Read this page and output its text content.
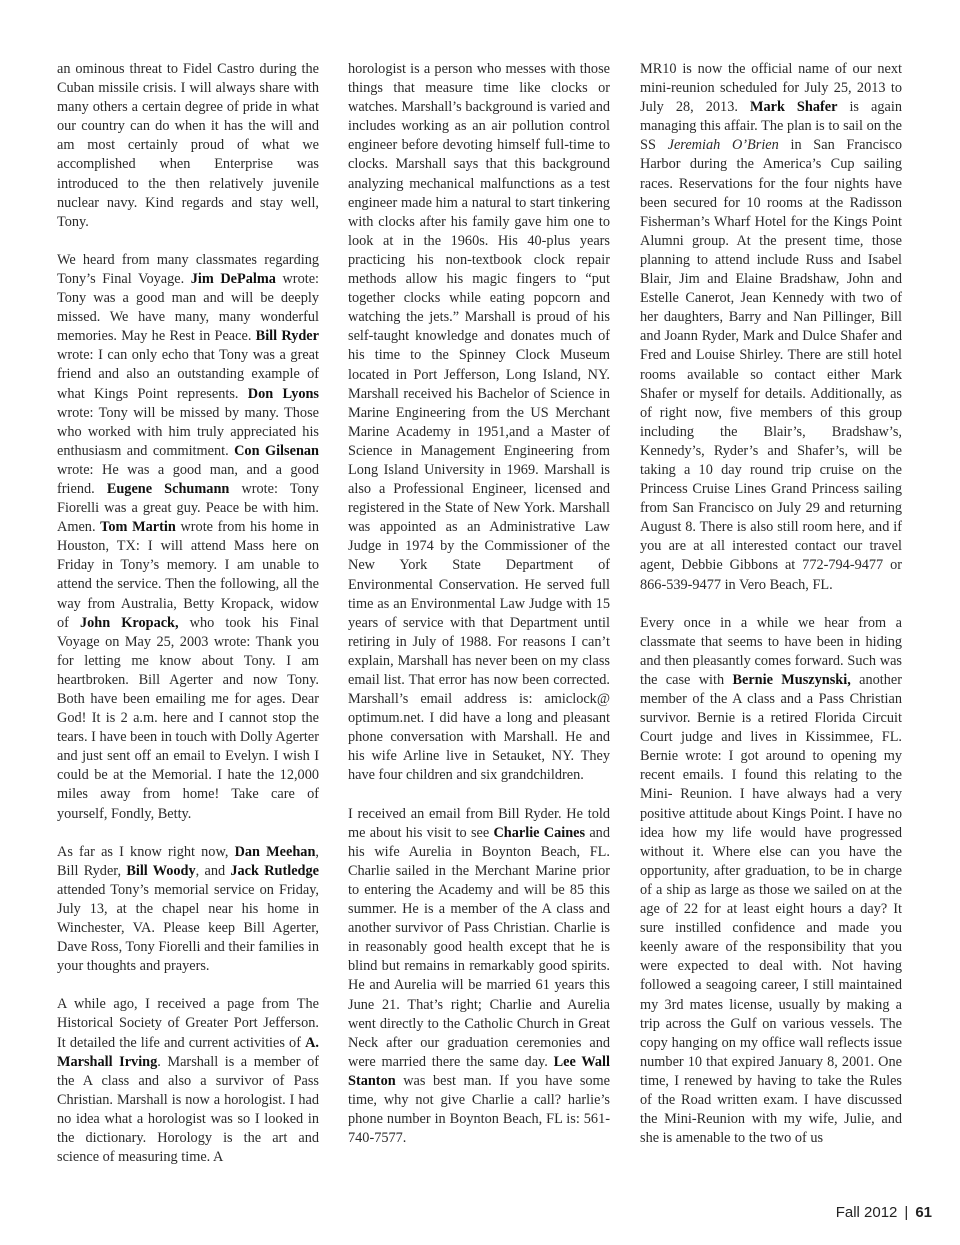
an ominous threat to Fidel Castro during the Cuban missile crisis. I will always share with many others a certain degree of pride in what our country can do when it has the will and am most certainly proud of what we accomplished when Enterprise was introduced to the then relatively juvenile nuclear navy. Kind regards and stay well, Tony.

We heard from many classmates regarding Tony’s Final Voyage. Jim DePalma wrote: Tony was a good man and will be deeply missed. We have many, many wonderful memories. May he Rest in Peace. Bill Ryder wrote: I can only echo that Tony was a great friend and also an outstanding example of what Kings Point represents. Don Lyons wrote: Tony will be missed by many. Those who worked with him truly appreciated his enthusiasm and commitment. Con Gilsenan wrote: He was a good man, and a good friend. Eugene Schumann wrote: Tony Fiorelli was a great guy. Peace be with him. Amen. Tom Martin wrote from his home in Houston, TX: I will attend Mass here on Friday in Tony’s memory. I am unable to attend the service. Then the following, all the way from Australia, Betty Kropack, widow of John Kropack, who took his Final Voyage on May 25, 2003 wrote: Thank you for letting me know about Tony. I am heartbroken. Bill Agerter and now Tony. Both have been emailing me for ages. Dear God! It is 2 a.m. here and I cannot stop the tears. I have been in touch with Dolly Agerter and just sent off an email to Evelyn. I wish I could be at the Memorial. I hate the 12,000 miles away from home! Take care of yourself, Fondly, Betty.

As far as I know right now, Dan Meehan, Bill Ryder, Bill Woody, and Jack Rutledge attended Tony’s memorial service on Friday, July 13, at the chapel near his home in Winchester, VA. Please keep Bill Agerter, Dave Ross, Tony Fiorelli and their families in your thoughts and prayers.

A while ago, I received a page from The Historical Society of Greater Port Jefferson. It detailed the life and current activities of A. Marshall Irving. Marshall is a member of the A class and also a survivor of Pass Christian. Marshall is now a horologist. I had no idea what a horologist was so I looked in the dictionary. Horology is the art and science of measuring time. A

horologist is a person who messes with those things that measure time like clocks or watches. Marshall’s background is varied and includes working as an air pollution control engineer before devoting himself full-time to clocks. Marshall says that this background analyzing mechanical malfunctions as a test engineer made him a natural to start tinkering with clocks after his family gave him one to look at in the 1960s. His 40-plus years practicing his non-textbook clock repair methods allow his magic fingers to “put together clocks while eating popcorn and watching the jets.” Marshall is proud of his self-taught knowledge and donates much of his time to the Spinney Clock Museum located in Port Jefferson, Long Island, NY. Marshall received his Bachelor of Science in Marine Engineering from the US Merchant Marine Academy in 1951,and a Master of Science in Management Engineering from Long Island University in 1969. Marshall is also a Professional Engineer, licensed and registered in the State of New York. Marshall was appointed as an Administrative Law Judge in 1974 by the Commissioner of the New York State Department of Environmental Conservation. He served full time as an Environmental Law Judge with 15 years of service with that Department until retiring in July of 1988. For reasons I can’t explain, Marshall has never been on my class email list. That error has now been corrected. Marshall’s email address is: amiclock@ optimum.net. I did have a long and pleasant phone conversation with Marshall. He and his wife Arline live in Setauket, NY. They have four children and six grandchildren.

I received an email from Bill Ryder. He told me about his visit to see Charlie Caines and his wife Aurelia in Boynton Beach, FL. Charlie sailed in the Merchant Marine prior to entering the Academy and will be 85 this summer. He is a member of the A class and another survivor of Pass Christian. Charlie is in reasonably good health except that he is blind but remains in remarkably good spirits. He and Aurelia will be married 61 years this June 21. That’s right; Charlie and Aurelia went directly to the Catholic Church in Great Neck after our graduation ceremonies and were married there the same day. Lee Wall Stanton was best man. If you have some time, why not give Charlie a call? harlie’s phone number in Boynton Beach, FL is: 561-740-7577.

MR10 is now the official name of our next mini-reunion scheduled for July 25, 2013 to July 28, 2013. Mark Shafer is again managing this affair. The plan is to sail on the SS Jeremiah O’Brien in San Francisco Harbor during the America’s Cup sailing races. Reservations for the four nights have been secured for 10 rooms at the Radisson Fisherman’s Wharf Hotel for the Kings Point Alumni group. At the present time, those planning to attend include Russ and Isabel Blair, Jim and Elaine Bradshaw, John and Estelle Canerot, Jean Kennedy with two of her daughters, Barry and Nan Pillinger, Bill and Joann Ryder, Mark and Dulce Shafer and Fred and Louise Shirley. There are still hotel rooms available so contact either Mark Shafer or myself for details. Additionally, as of right now, five members of this group including the Blair’s, Bradshaw’s, Kennedy’s, Ryder’s and Shafer’s, will be taking a 10 day round trip cruise on the Princess Cruise Lines Grand Princess sailing from San Francisco on July 29 and returning August 8. There is also still room here, and if you are at all interested contact our travel agent, Debbie Gibbons at 772-794-9477 or 866-539-9477 in Vero Beach, FL.

Every once in a while we hear from a classmate that seems to have been in hiding and then pleasantly comes forward. Such was the case with Bernie Muszynski, another member of the A class and a Pass Christian survivor. Bernie is a retired Florida Circuit Court judge and lives in Kissimmee, FL. Bernie wrote: I got around to opening my recent emails. I found this relating to the Mini- Reunion. I have always had a very positive attitude about Kings Point. I have no idea how my life would have progressed without it. Where else can you have the opportunity, after graduation, to be in charge of a ship as large as those we sailed on at the age of 22 for at least eight hours a day? It sure instilled confidence and made you keenly aware of the responsibility that you were expected to deal with. Not having followed a seagoing career, I still maintained my 3rd mates license, usually by making a trip across the Gulf on various vessels. The copy hanging on my office wall reflects issue number 10 that expired January 8, 2001. One time, I renewed by having to take the Rules of the Road written exam. I have discussed the Mini-Reunion with my wife, Julie, and she is amenable to the two of us

Fall 2012 | 61
